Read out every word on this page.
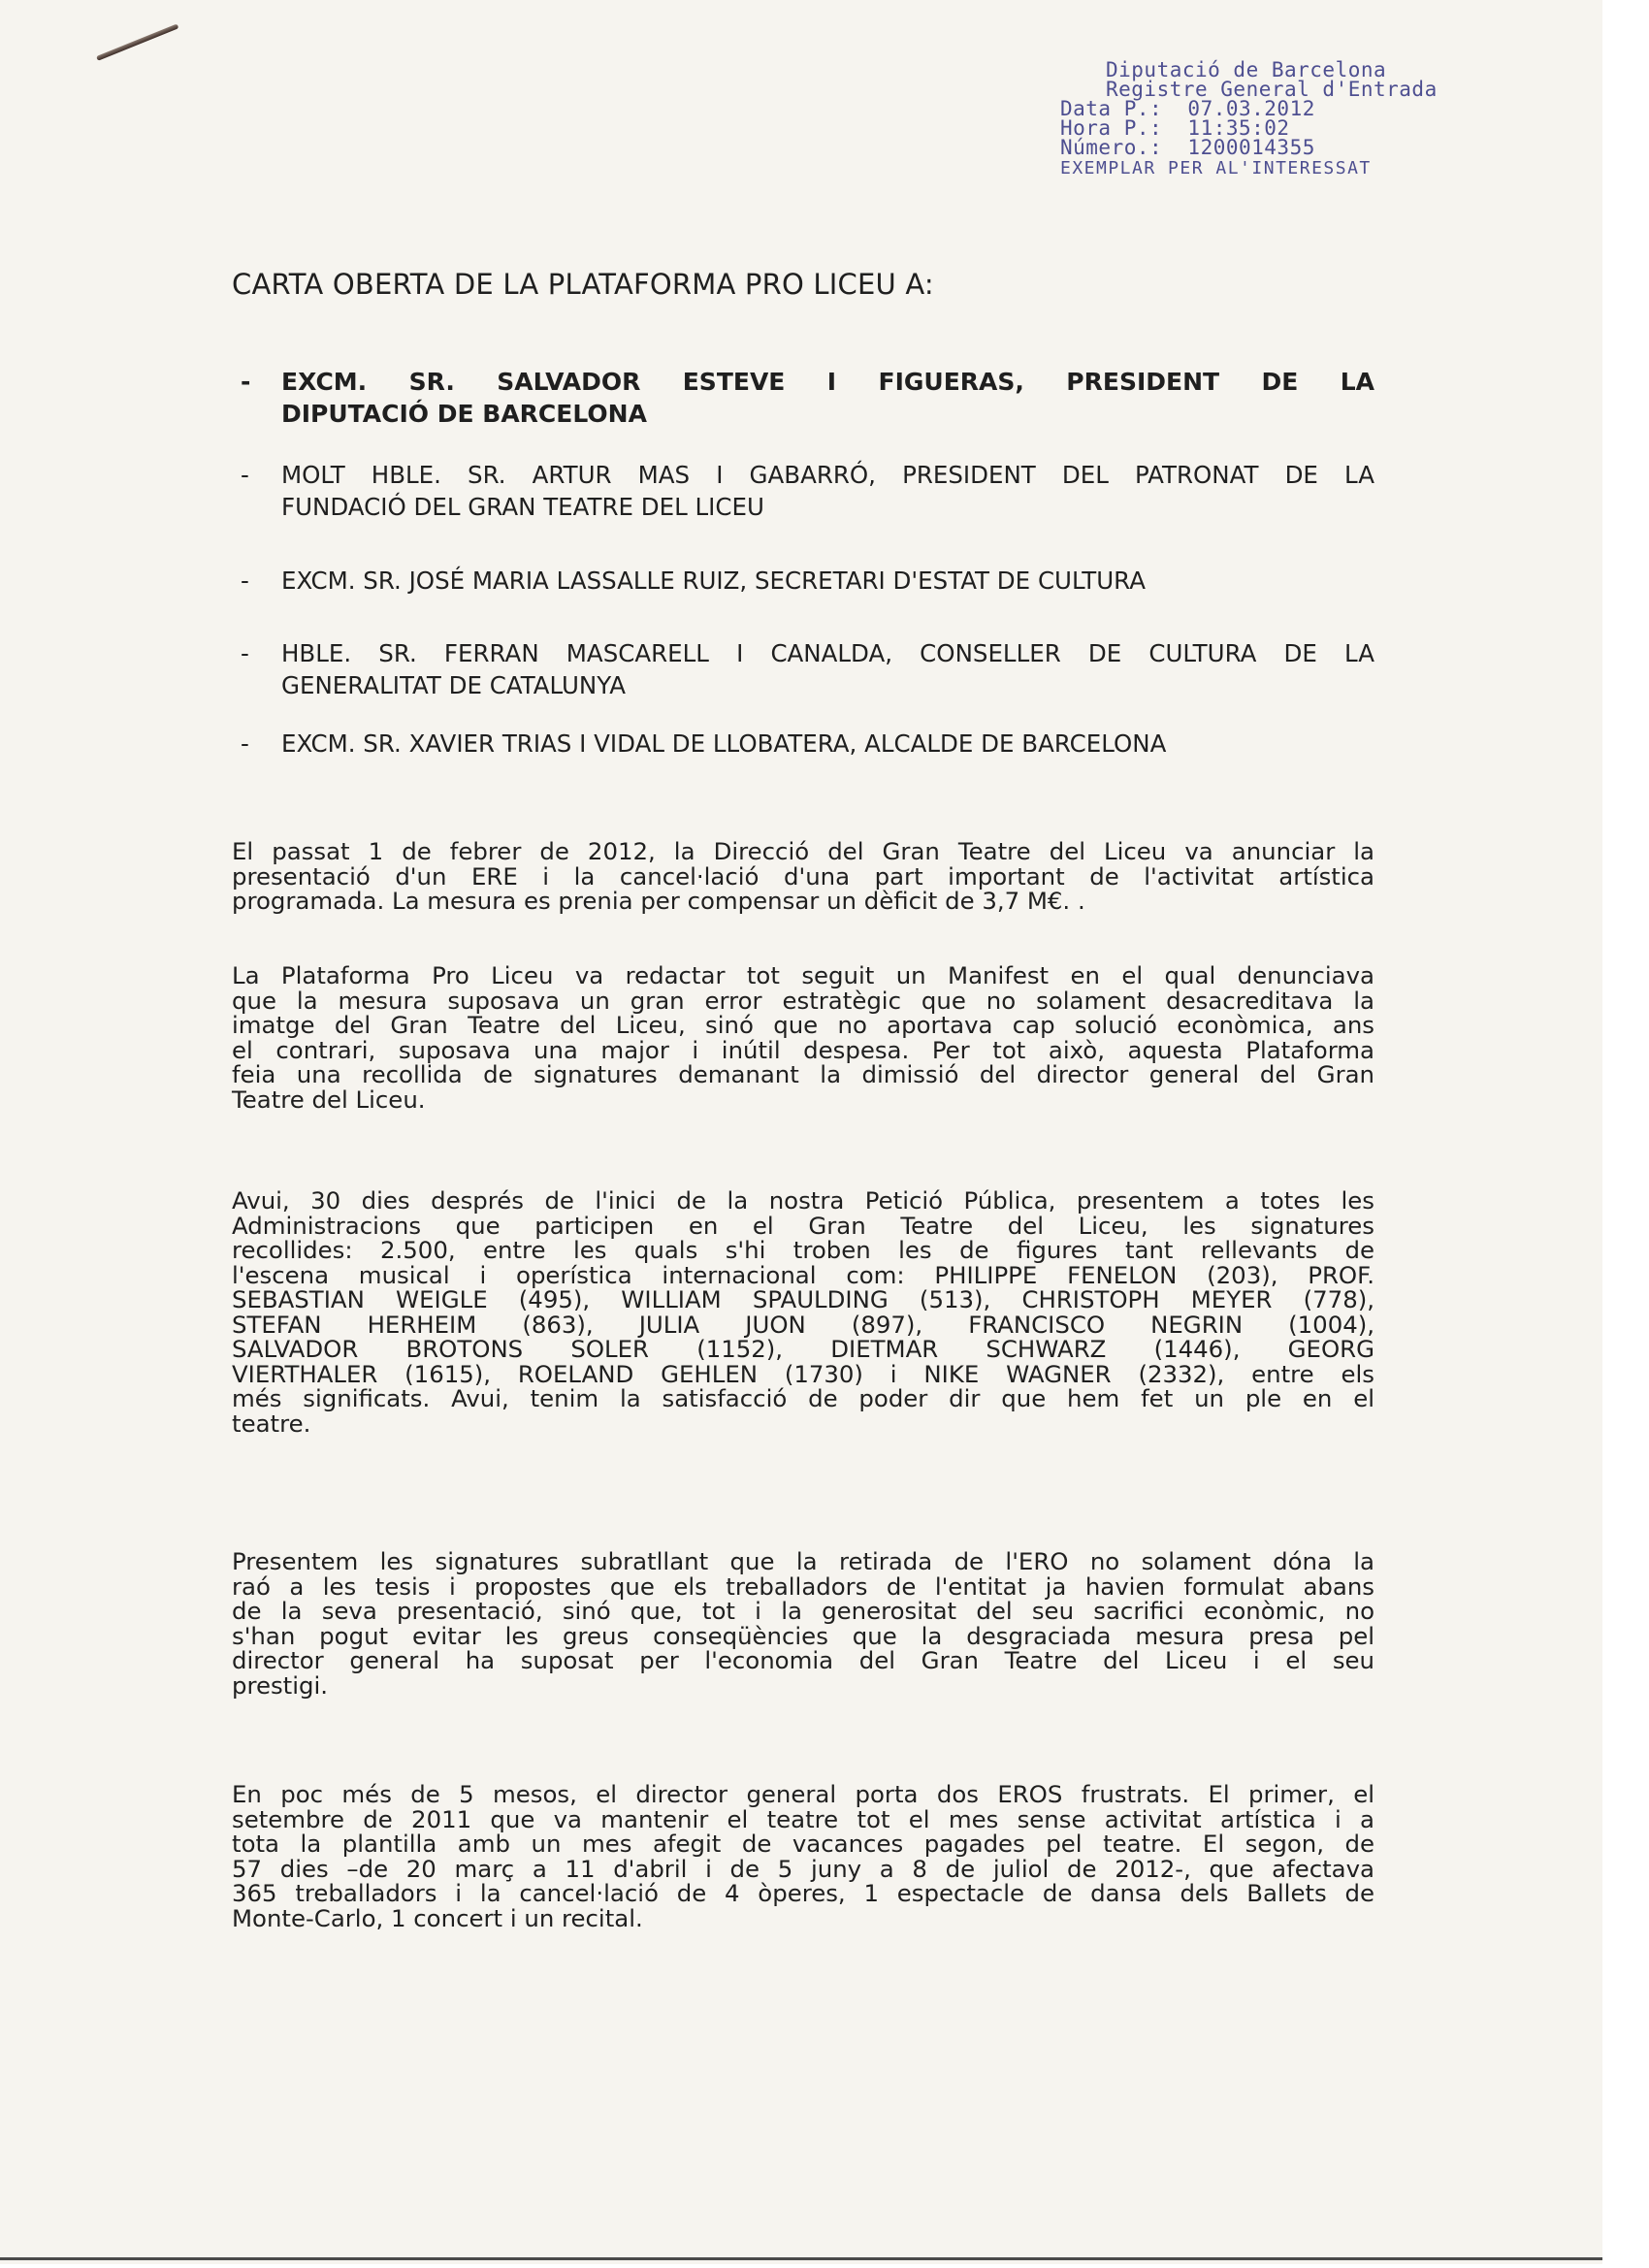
Diputació de Barcelona
Registre General d'Entrada
Data P.:  07.03.2012
Hora P.:  11:35:02
Número.:  1200014355
EXEMPLAR PER AL'INTERESSAT
CARTA OBERTA DE LA PLATAFORMA PRO LICEU A:
- EXCM. SR. SALVADOR ESTEVE I FIGUERAS, PRESIDENT DE LA
DIPUTACIÓ DE BARCELONA
- MOLT HBLE. SR. ARTUR MAS I GABARRÓ, PRESIDENT DEL PATRONAT DE LA
FUNDACIÓ DEL GRAN TEATRE DEL LICEU
- EXCM. SR. JOSÉ MARIA LASSALLE RUIZ, SECRETARI D'ESTAT DE CULTURA
- HBLE. SR. FERRAN MASCARELL I CANALDA, CONSELLER DE CULTURA DE LA
GENERALITAT DE CATALUNYA
- EXCM. SR. XAVIER TRIAS I VIDAL DE LLOBATERA, ALCALDE DE BARCELONA
El passat 1 de febrer de 2012, la Direcció del Gran Teatre del Liceu va anunciar la
presentació d'un ERE i la cancel·lació d'una part important de l'activitat artística
programada. La mesura es prenia per compensar un dèficit de 3,7 M€. .
La Plataforma Pro Liceu va redactar tot seguit un Manifest en el qual denunciava
que la mesura suposava un gran error estratègic que no solament desacreditava la
imatge del Gran Teatre del Liceu, sinó que no aportava cap solució econòmica, ans
el contrari, suposava una major i inútil despesa. Per tot això, aquesta Plataforma
feia una recollida de signatures demanant la dimissió del director general del Gran
Teatre del Liceu.
Avui, 30 dies després de l'inici de la nostra Petició Pública, presentem a totes les
Administracions que participen en el Gran Teatre del Liceu, les signatures
recollides: 2.500, entre les quals s'hi troben les de figures tant rellevants de
l'escena musical i operística internacional com: PHILIPPE FENELON (203), PROF.
SEBASTIAN WEIGLE (495), WILLIAM SPAULDING (513), CHRISTOPH MEYER (778),
STEFAN HERHEIM (863), JULIA JUON (897), FRANCISCO NEGRIN (1004),
SALVADOR BROTONS SOLER (1152), DIETMAR SCHWARZ (1446), GEORG
VIERTHALER (1615), ROELAND GEHLEN (1730) i NIKE WAGNER (2332), entre els
més significats. Avui, tenim la satisfacció de poder dir que hem fet un ple en el
teatre.
Presentem les signatures subratllant que la retirada de l'ERO no solament dóna la
raó a les tesis i propostes que els treballadors de l'entitat ja havien formulat abans
de la seva presentació, sinó que, tot i la generositat del seu sacrifici econòmic, no
s'han pogut evitar les greus conseqüències que la desgraciada mesura presa pel
director general ha suposat per l'economia del Gran Teatre del Liceu i el seu
prestigi.
En poc més de 5 mesos, el director general porta dos EROS frustrats. El primer, el
setembre de 2011 que va mantenir el teatre tot el mes sense activitat artística i a
tota la plantilla amb un mes afegit de vacances pagades pel teatre. El segon, de
57 dies –de 20 març a 11 d'abril i de 5 juny a 8 de juliol de 2012-, que afectava
365 treballadors i la cancel·lació de 4 òperes, 1 espectacle de dansa dels Ballets de
Monte-Carlo, 1 concert i un recital.
